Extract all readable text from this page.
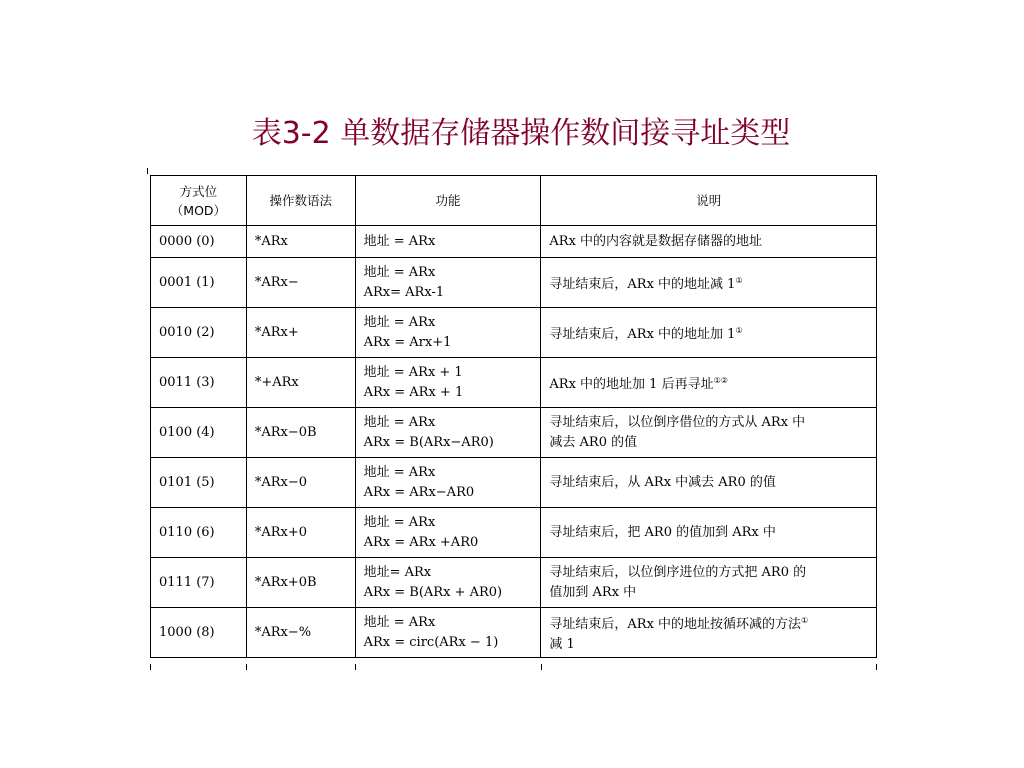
表3-2 单数据存储器操作数间接寻址类型
方式位
（MOD）	操作数语法	功能	说明
0000 (0)	*ARx	地址 = ARx	ARx 中的内容就是数据存储器的地址

0001 (1)	*ARx−	地址 = ARx
ARx= ARx-1	寻址结束后，ARx 中的地址减 1①

0010 (2)	*ARx+	地址 = ARx
ARx = Arx+1	寻址结束后，ARx 中的地址加 1①

0011 (3)	*+ARx	地址 = ARx + 1
ARx = ARx + 1	ARx 中的地址加 1 后再寻址①②

0100 (4)	*ARx−0B	地址 = ARx
ARx = B(ARx−AR0)	寻址结束后，以位倒序借位的方式从 ARx 中
减去 AR0 的值

0101 (5)	*ARx−0	地址 = ARx
ARx = ARx−AR0	寻址结束后，从 ARx 中减去 AR0 的值

0110 (6)	*ARx+0	地址 = ARx
ARx = ARx +AR0	寻址结束后，把 AR0 的值加到 ARx 中

0111 (7)	*ARx+0B	地址= ARx
ARx = B(ARx + AR0)	寻址结束后，以位倒序进位的方式把 AR0 的
值加到 ARx 中

1000 (8)	*ARx−%	地址 = ARx
ARx = circ(ARx − 1)	寻址结束后，ARx 中的地址按循环减的方法①
减 1
